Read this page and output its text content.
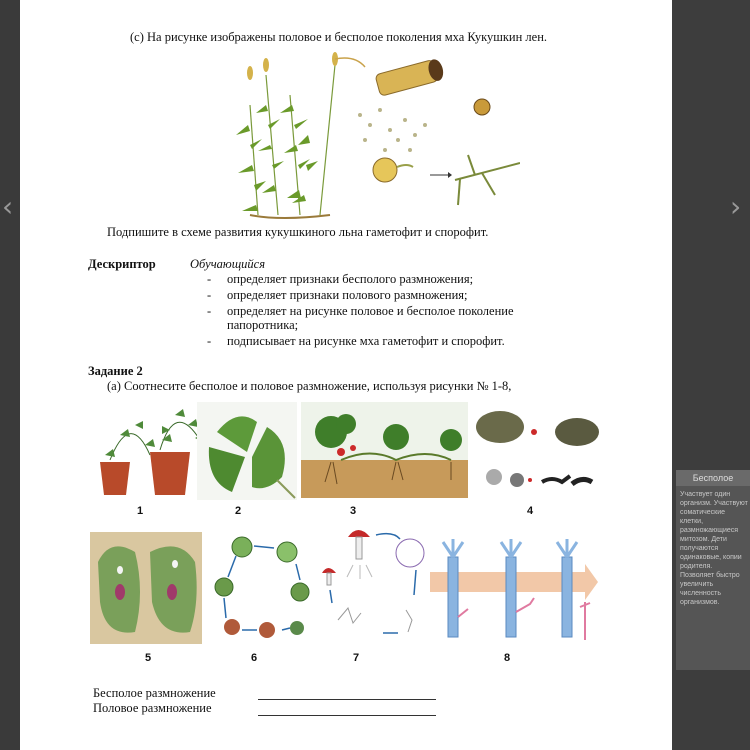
‹	›
Бесполое
Участвует один организм. Участвуют соматические клетки, размножающиеся митозом. Дети получаются одинаковые, копии родителя. Позволяет быстро увеличить численность организмов.
(c) На рисунке изображены половое и бесполое поколения мха Кукушкин лен.
Подпишите в схеме развития кукушкиного льна гаметофит и спорофит.
Дескриптор	Обучающийся
- определяет признаки бесполого размножения;
- определяет признаки полового размножения;
- определяет на рисунке половое и бесполое поколение
папоротника;
- подписывает на рисунке мха гаметофит и спорофит.
Задание 2
(а) Соотнесите бесполое и половое размножение, используя рисунки № 1-8,
1	2	3	4
5	6	7	8
Бесполое размножение
Половое размножение
